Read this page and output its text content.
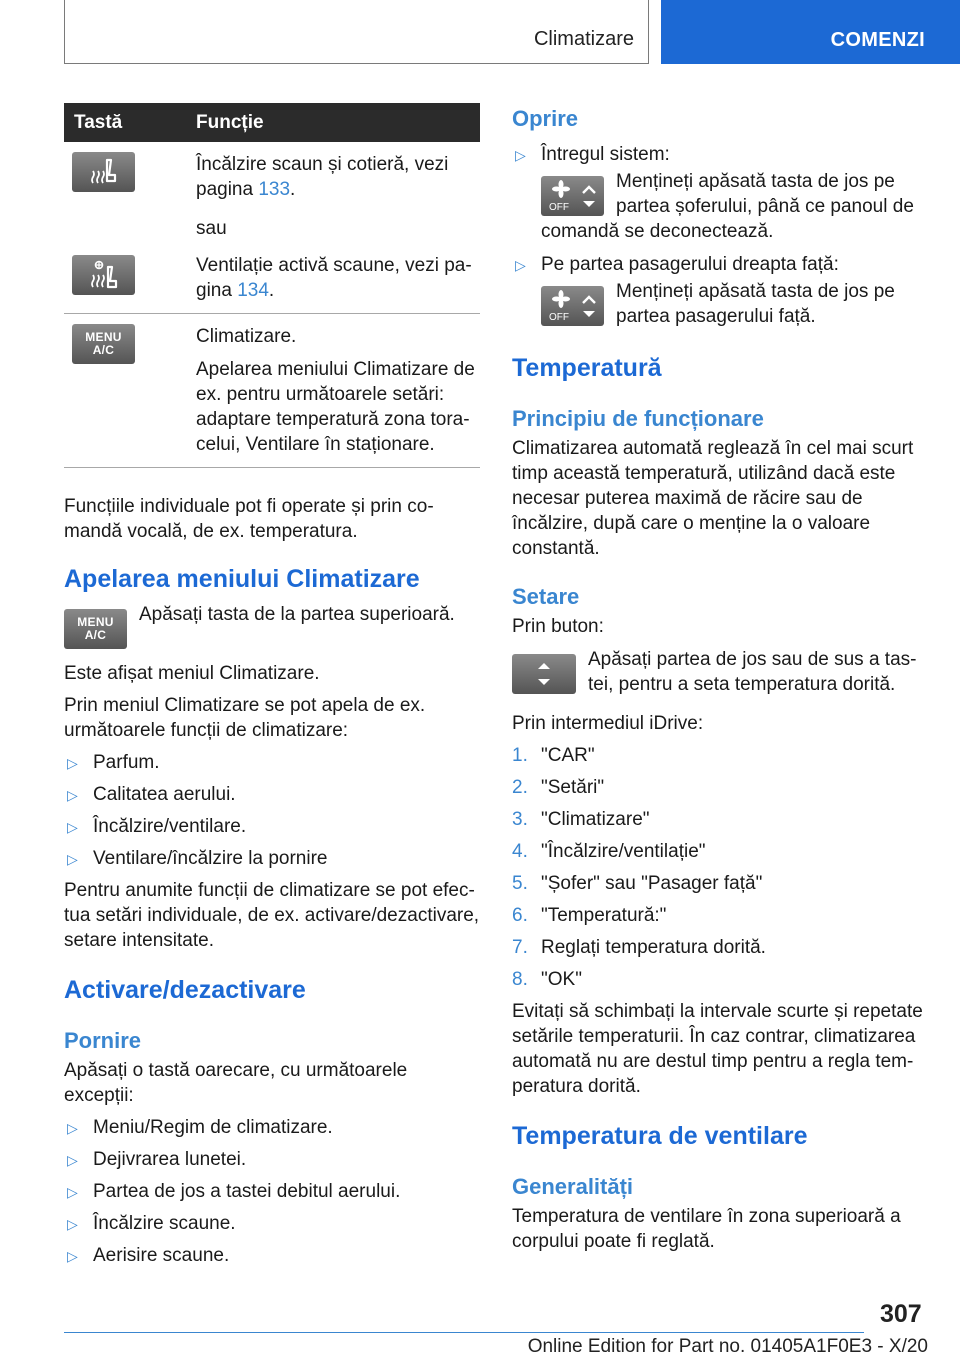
Climatizare	COMENZI
Tastă	Funcție

Încălzire scaun și cotieră, vezi pagina 133.

sau

Ventilație activă scaune, vezi pagina 134.

MENU
A/C

Climatizare.

Apelarea meniului Climatizare de ex. pentru următoarele setări: adaptare temperatură zona toracelui, Ventilare în staționare.

Funcțiile individuale pot fi operate și prin comandă vocală, de ex. temperatura.

Apelarea meniului Climatizare
MENU
A/C

Apăsați tasta de la partea superioară.

Este afișat meniul Climatizare.

Prin meniul Climatizare se pot apela de ex. următoarele funcții de climatizare:

▷ Parfum.
▷ Calitatea aerului.
▷ Încălzire/ventilare.
▷ Ventilare/încălzire la pornire

Pentru anumite funcții de climatizare se pot efectua setări individuale, de ex. activare/dezactivare, setare intensitate.

Activare/dezactivare
Pornire

Apăsați o tastă oarecare, cu următoarele excepții:

▷ Meniu/Regim de climatizare.
▷ Dejivrarea lunetei.
▷ Partea de jos a tastei debitul aerului.
▷ Încălzire scaune.
▷ Aerisire scaune.
Oprire
▷ Întregul sistem:
OFF

Mențineți apăsată tasta de jos pe partea șoferului, până ce panoul de

comandă se deconectează.

▷ Pe partea pasagerului dreapta față:
OFF

Mențineți apăsată tasta de jos pe partea pasagerului față.

Temperatură
Principiu de funcționare

Climatizarea automată reglează în cel mai scurt timp această temperatură, utilizând dacă este necesar puterea maximă de răcire sau de încălzire, după care o menține la o valoare constantă.

Setare

Prin buton:

Apăsați partea de jos sau de sus a tastei, pentru a seta temperatura dorită.

Prin intermediul iDrive:

1. "CAR"
2. "Setări"
3. "Climatizare"
4. "Încălzire/ventilație"
5. "Șofer" sau "Pasager față"
6. "Temperatură:"
7. Reglați temperatura dorită.
8. "OK"

Evitați să schimbați la intervale scurte și repetate setările temperaturii. În caz contrar, climatizarea automată nu are destul timp pentru a regla temperatura dorită.

Temperatura de ventilare
Generalități

Temperatura de ventilare în zona superioară a corpului poate fi reglată.

307
Online Edition for Part no. 01405A1F0E3 - X/20
